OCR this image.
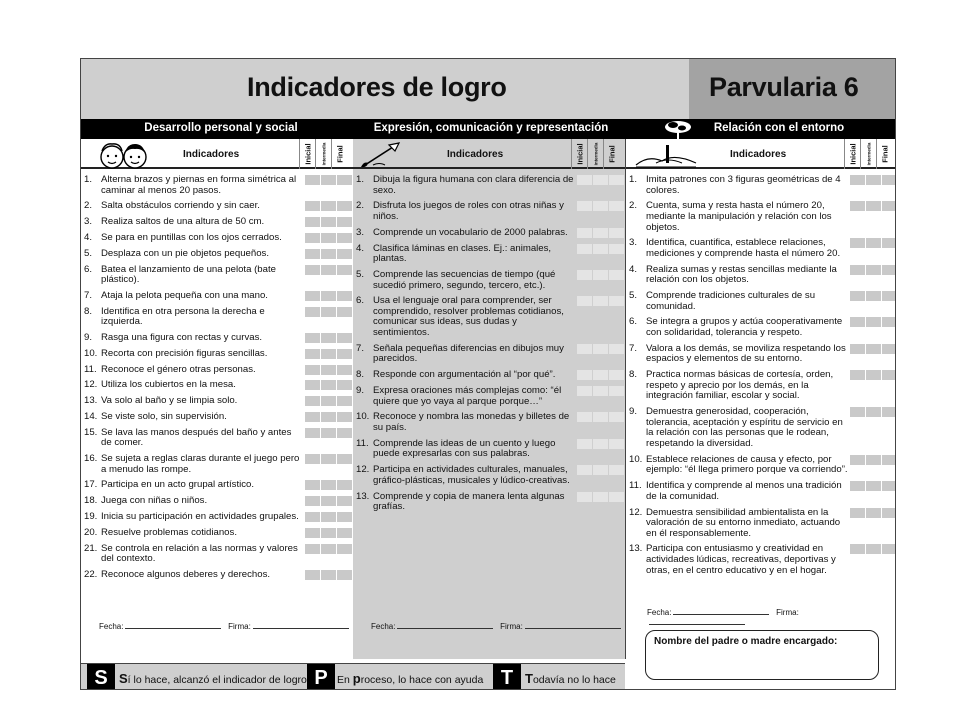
Indicadores de logro	Parvularia 6
Desarrollo personal y social	Expresión, comunicación y representación	Relación con el entorno
Indicadores	Inicial Intermedia Final
1. Alterna brazos y piernas en forma simétrica al caminar al menos 20 pasos.
2. Salta obstáculos corriendo y sin caer.
3. Realiza saltos de una altura de 50 cm.
4. Se para en puntillas con los ojos cerrados.
5. Desplaza con un pie objetos pequeños.
6. Batea el lanzamiento de una pelota (bate plástico).
7. Ataja la pelota pequeña con una mano.
8. Identifica en otra persona la derecha e izquierda.
9. Rasga una figura con rectas y curvas.
10. Recorta con precisión figuras sencillas.
11. Reconoce el género otras personas.
12. Utiliza los cubiertos en la mesa.
13. Va solo al baño y se limpia solo.
14. Se viste solo, sin supervisión.
15. Se lava las manos después del baño y antes de comer.
16. Se sujeta a reglas claras durante el juego pero a menudo las rompe.
17. Participa en un acto grupal artístico.
18. Juega con niñas o niños.
19. Inicia su participación en actividades grupales.
20. Resuelve problemas cotidianos.
21. Se controla en relación a las normas y valores del contexto.
22. Reconoce algunos deberes y derechos.
Indicadores	Inicial Intermedia Final
1. Dibuja la figura humana con clara diferencia de sexo.
2. Disfruta los juegos de roles con otras niñas y niños.
3. Comprende un vocabulario de 2000 palabras.
4. Clasifica láminas en clases. Ej.: animales, plantas.
5. Comprende las secuencias de tiempo (qué sucedió primero, segundo, tercero, etc.).
6. Usa el lenguaje oral para comprender, ser comprendido, resolver problemas cotidianos, comunicar sus ideas, sus dudas y sentimientos.
7. Señala pequeñas diferencias en dibujos muy parecidos.
8. Responde con argumentación al “por qué”.
9. Expresa oraciones más complejas como: “él quiere que yo vaya al parque porque…”
10. Reconoce y nombra las monedas y billetes de su país.
11. Comprende las ideas de un cuento y luego puede expresarlas con sus palabras.
12. Participa en actividades culturales, manuales, gráfico-plásticas, musicales y lúdico-creativas.
13. Comprende y copia de manera lenta algunas grafías.
Indicadores	Inicial Intermedia Final
1. Imita patrones con 3 figuras geométricas de 4 colores.
2. Cuenta, suma y resta hasta el número 20, mediante la manipulación y relación con los objetos.
3. Identifica, cuantifica, establece relaciones, mediciones y comprende hasta el número 20.
4. Realiza sumas y restas sencillas mediante la relación con los objetos.
5. Comprende tradiciones culturales de su comunidad.
6. Se integra a grupos y actúa cooperativamente con solidaridad, tolerancia y respeto.
7. Valora a los demás, se moviliza respetando los espacios y elementos de su entorno.
8. Practica normas básicas de cortesía, orden, respeto y aprecio por los demás, en la integración familiar, escolar y social.
9. Demuestra generosidad, cooperación, tolerancia, aceptación y espíritu de servicio en la relación con las personas que le rodean, respetando la diversidad.
10. Establece relaciones de causa y efecto, por ejemplo: “él llega primero porque va corriendo”.
11. Identifica y comprende al menos una tradición de la comunidad.
12. Demuestra sensibilidad ambientalista en la valoración de su entorno inmediato, actuando en él responsablemente.
13. Participa con entusiasmo y creatividad en actividades lúdicas, recreativas, deportivas y otras, en el centro educativo y en el hogar.
Fecha:	Firma:	Fecha:	Firma:
Fecha:	Firma:
Nombre del padre o madre encargado:
S Sí lo hace, alcanzó el indicador de logro P En proceso, lo hace con ayuda T Todavía no lo hace
